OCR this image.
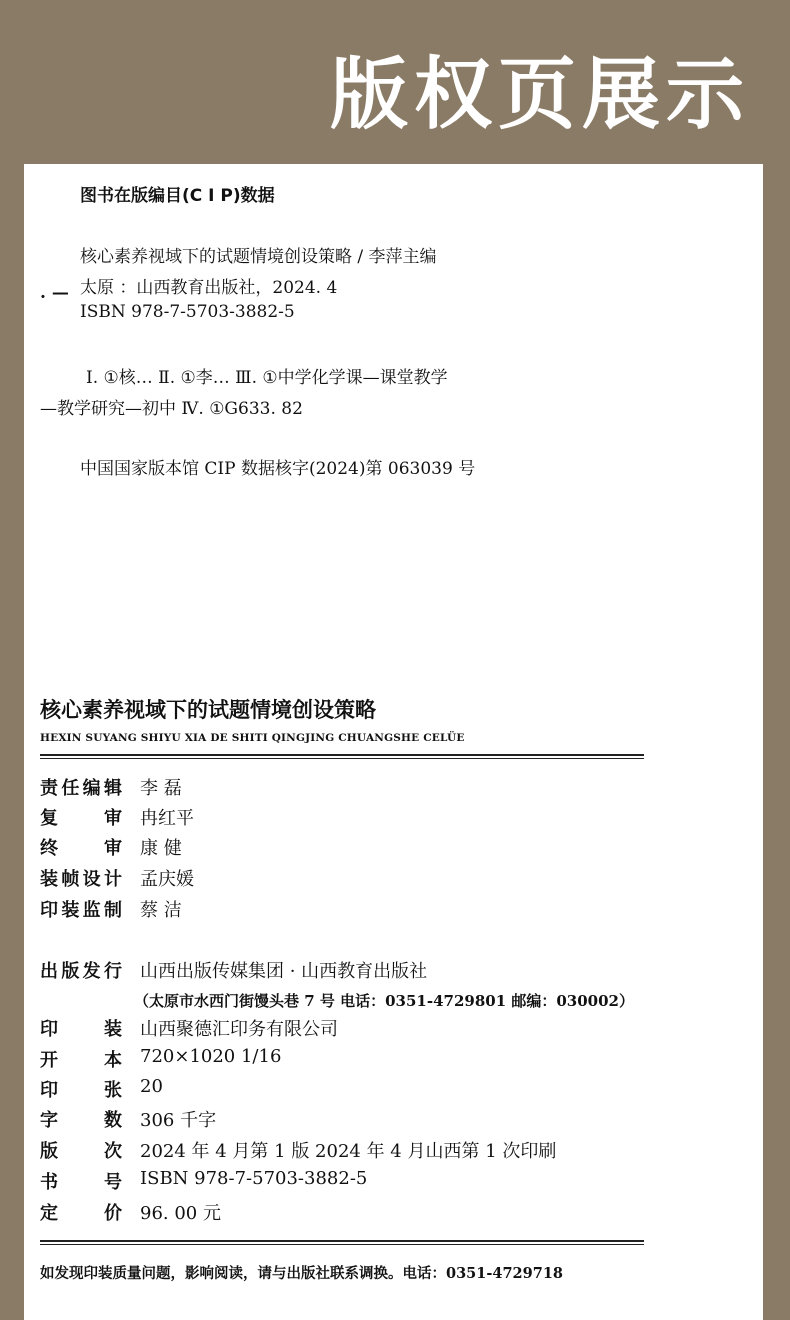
版权页展示
图书在版编目(C I P)数据
核心素养视域下的试题情境创设策略 / 李萍主编
. — 太原 ：山西教育出版社，2024. 4
ISBN 978-7-5703-3882-5
Ⅰ. ①核… Ⅱ. ①李… Ⅲ. ①中学化学课—课堂教学
—教学研究—初中 Ⅳ. ①G633. 82
中国国家版本馆 CIP 数据核字(2024)第 063039 号
核心素养视域下的试题情境创设策略
HEXIN SUYANG SHIYU XIA DE SHITI QINGJING CHUANGSHE CELÜE
责任编辑 李 磊
复 审 冉红平
终 审 康 健
装帧设计 孟庆媛
印装监制 蔡 洁
出版发行 山西出版传媒集团 · 山西教育出版社
（太原市水西门街馒头巷 7 号 电话：0351-4729801 邮编：030002）
印 装 山西聚德汇印务有限公司
开 本 720×1020 1/16
印 张 20
字 数 306 千字
版 次 2024 年 4 月第 1 版 2024 年 4 月山西第 1 次印刷
书 号 ISBN 978-7-5703-3882-5
定 价 96. 00 元
如发现印装质量问题，影响阅读，请与出版社联系调换。电话：0351-4729718
